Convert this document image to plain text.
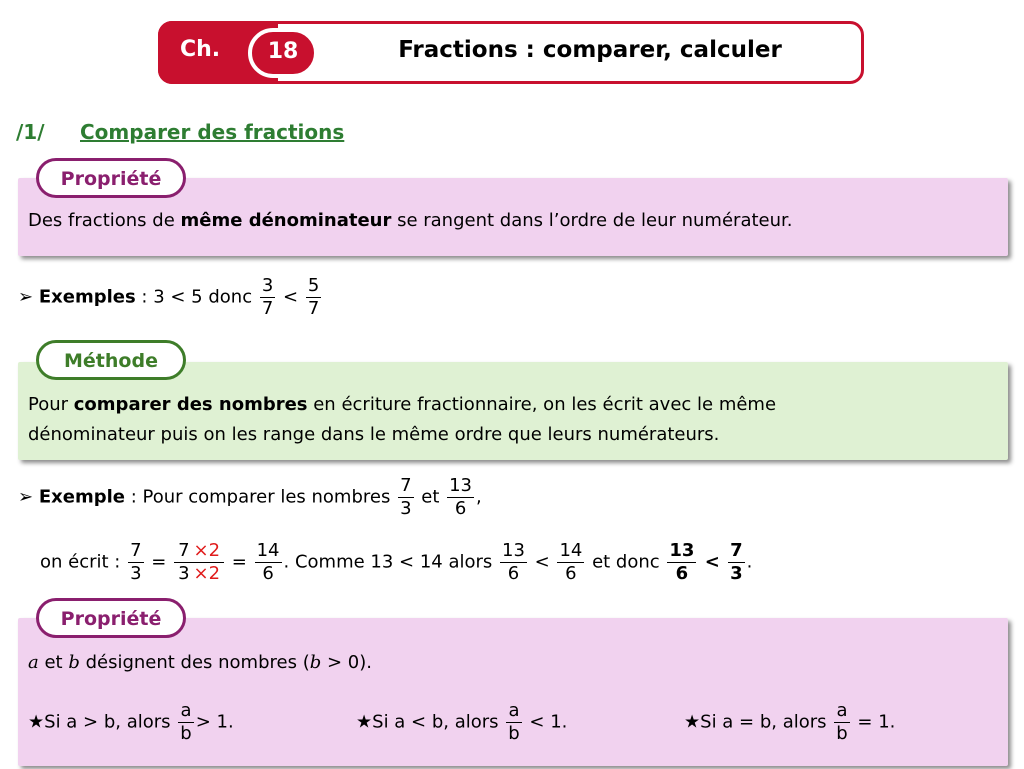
Ch.	18	Fractions : comparer, calculer
/1/ Comparer des fractions
Propriété
Des fractions de même dénominateur se rangent dans l’ordre de leur numérateur.
➢ Exemples : 3 < 5 donc $\frac{3}{7} < \frac{5}{7}$
Méthode
Pour comparer des nombres en écriture fractionnaire, on les écrit avec le même
dénominateur puis on les range dans le même ordre que leurs numérateurs.
➢ Exemple : Pour comparer les nombres $\frac{7}{3}$ et $\frac{13}{6}$ ,
on écrit : $\frac{7}{3} = \frac{7 \times 2}{3 \times 2} = \frac{14}{6}$ . Comme 13 < 14 alors $\frac{13}{6} < \frac{14}{6}$ et donc $\frac{13}{6} < \frac{7}{3}$ .
Propriété
a et b désignent des nombres (b > 0).
★Si a > b, alors $\frac{a}{b} > 1$.	★Si a < b, alors $\frac{a}{b} < 1$.	★Si a = b, alors $\frac{a}{b} = 1$.
